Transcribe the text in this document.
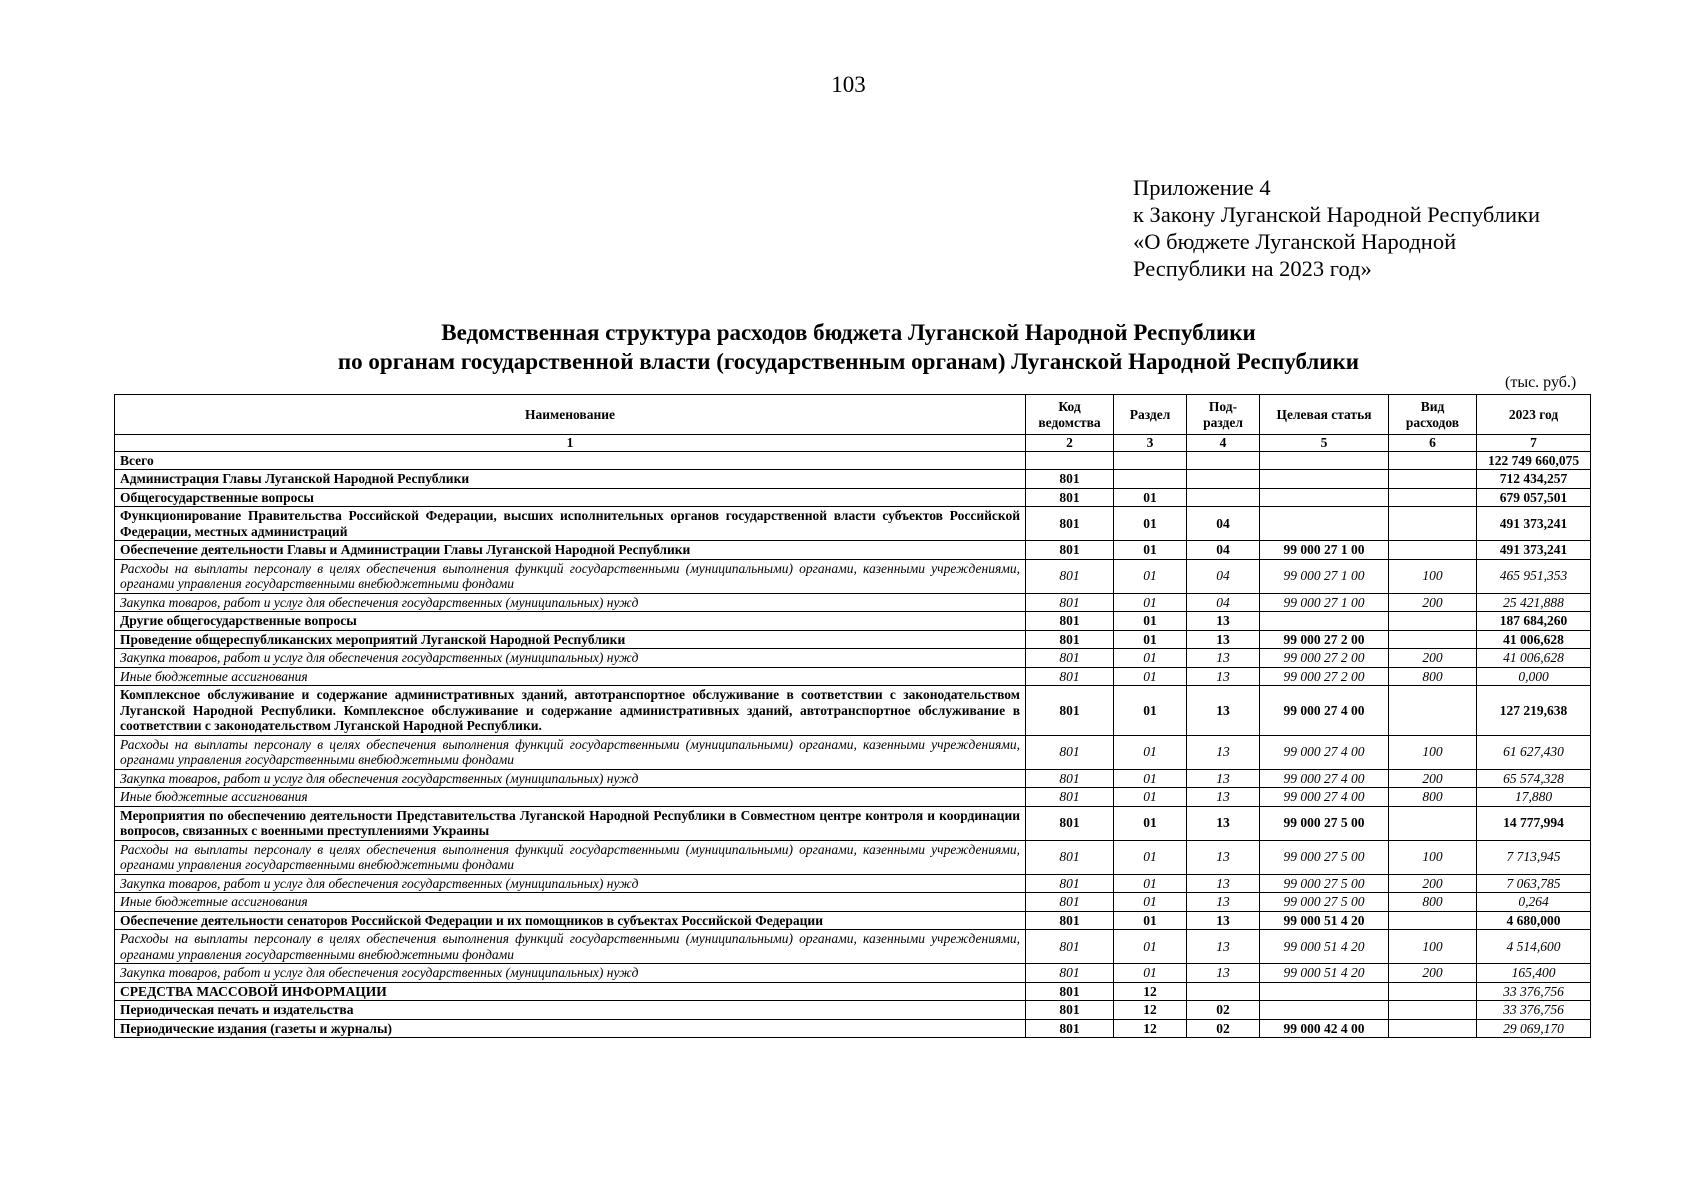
103
Приложение 4
к Закону Луганской Народной Республики
«О бюджете Луганской Народной
Республики на 2023 год»
Ведомственная структура расходов бюджета Луганской Народной Республики
по органам государственной власти (государственным органам) Луганской Народной Республики
(тыс. руб.)
Наименование	Код ведомства	Раздел	Под-раздел	Целевая статья	Вид расходов	2023 год
1	2	3	4	5	6	7
Всего						122 749 660,075
Администрация Главы Луганской Народной Республики	801					712 434,257
Общегосударственные вопросы	801	01				679 057,501
Функционирование Правительства Российской Федерации, высших исполнительных органов государственной власти субъектов Российской Федерации, местных администраций	801	01	04			491 373,241
Обеспечение деятельности Главы и Администрации Главы Луганской Народной Республики	801	01	04	99 000 27 1 00		491 373,241
Расходы на выплаты персоналу в целях обеспечения выполнения функций государственными (муниципальными) органами, казенными учреждениями, органами управления государственными внебюджетными фондами	801	01	04	99 000 27 1 00	100	465 951,353
Закупка товаров, работ и услуг для обеспечения государственных (муниципальных) нужд	801	01	04	99 000 27 1 00	200	25 421,888
Другие общегосударственные вопросы	801	01	13			187 684,260
Проведение общереспубликанских мероприятий Луганской Народной Республики	801	01	13	99 000 27 2 00		41 006,628
Закупка товаров, работ и услуг для обеспечения государственных (муниципальных) нужд	801	01	13	99 000 27 2 00	200	41 006,628
Иные бюджетные ассигнования	801	01	13	99 000 27 2 00	800	0,000
Комплексное обслуживание и содержание административных зданий, автотранспортное обслуживание в соответствии с законодательством Луганской Народной Республики. Комплексное обслуживание и содержание административных зданий, автотранспортное обслуживание в соответствии с законодательством Луганской Народной Республики.	801	01	13	99 000 27 4 00		127 219,638
Расходы на выплаты персоналу в целях обеспечения выполнения функций государственными (муниципальными) органами, казенными учреждениями, органами управления государственными внебюджетными фондами	801	01	13	99 000 27 4 00	100	61 627,430
Закупка товаров, работ и услуг для обеспечения государственных (муниципальных) нужд	801	01	13	99 000 27 4 00	200	65 574,328
Иные бюджетные ассигнования	801	01	13	99 000 27 4 00	800	17,880
Мероприятия по обеспечению деятельности Представительства Луганской Народной Республики в Совместном центре контроля и координации вопросов, связанных с военными преступлениями Украины	801	01	13	99 000 27 5 00		14 777,994
Расходы на выплаты персоналу в целях обеспечения выполнения функций государственными (муниципальными) органами, казенными учреждениями, органами управления государственными внебюджетными фондами	801	01	13	99 000 27 5 00	100	7 713,945
Закупка товаров, работ и услуг для обеспечения государственных (муниципальных) нужд	801	01	13	99 000 27 5 00	200	7 063,785
Иные бюджетные ассигнования	801	01	13	99 000 27 5 00	800	0,264
Обеспечение деятельности сенаторов Российской Федерации и их помощников в субъектах Российской Федерации	801	01	13	99 000 51 4 20		4 680,000
Расходы на выплаты персоналу в целях обеспечения выполнения функций государственными (муниципальными) органами, казенными учреждениями, органами управления государственными внебюджетными фондами	801	01	13	99 000 51 4 20	100	4 514,600
Закупка товаров, работ и услуг для обеспечения государственных (муниципальных) нужд	801	01	13	99 000 51 4 20	200	165,400
СРЕДСТВА МАССОВОЙ ИНФОРМАЦИИ	801	12				33 376,756
Периодическая печать и издательства	801	12	02			33 376,756
Периодические издания (газеты и журналы)	801	12	02	99 000 42 4 00		29 069,170
